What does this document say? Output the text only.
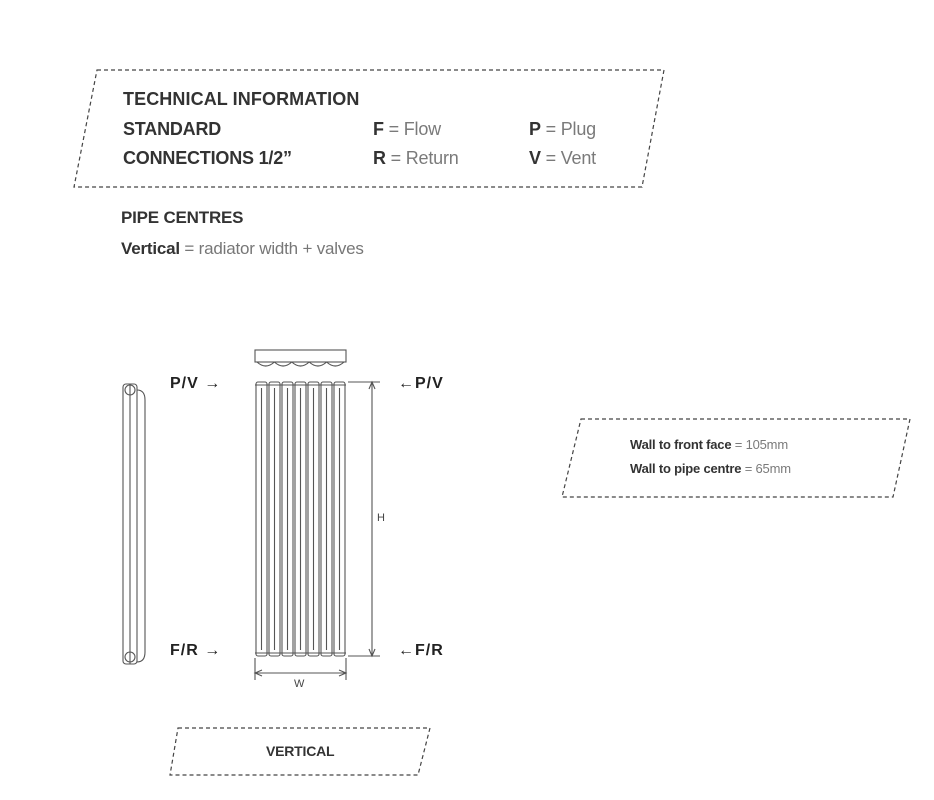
TECHNICAL INFORMATION
STANDARD
CONNECTIONS 1/2”
F = Flow
R = Return
P = Plug
V = Vent
PIPE CENTRES
Vertical = radiator width + valves
P/V →	←P/V
F/R →	←F/R
H
W
Wall to front face = 105mm
Wall to pipe centre = 65mm
VERTICAL
